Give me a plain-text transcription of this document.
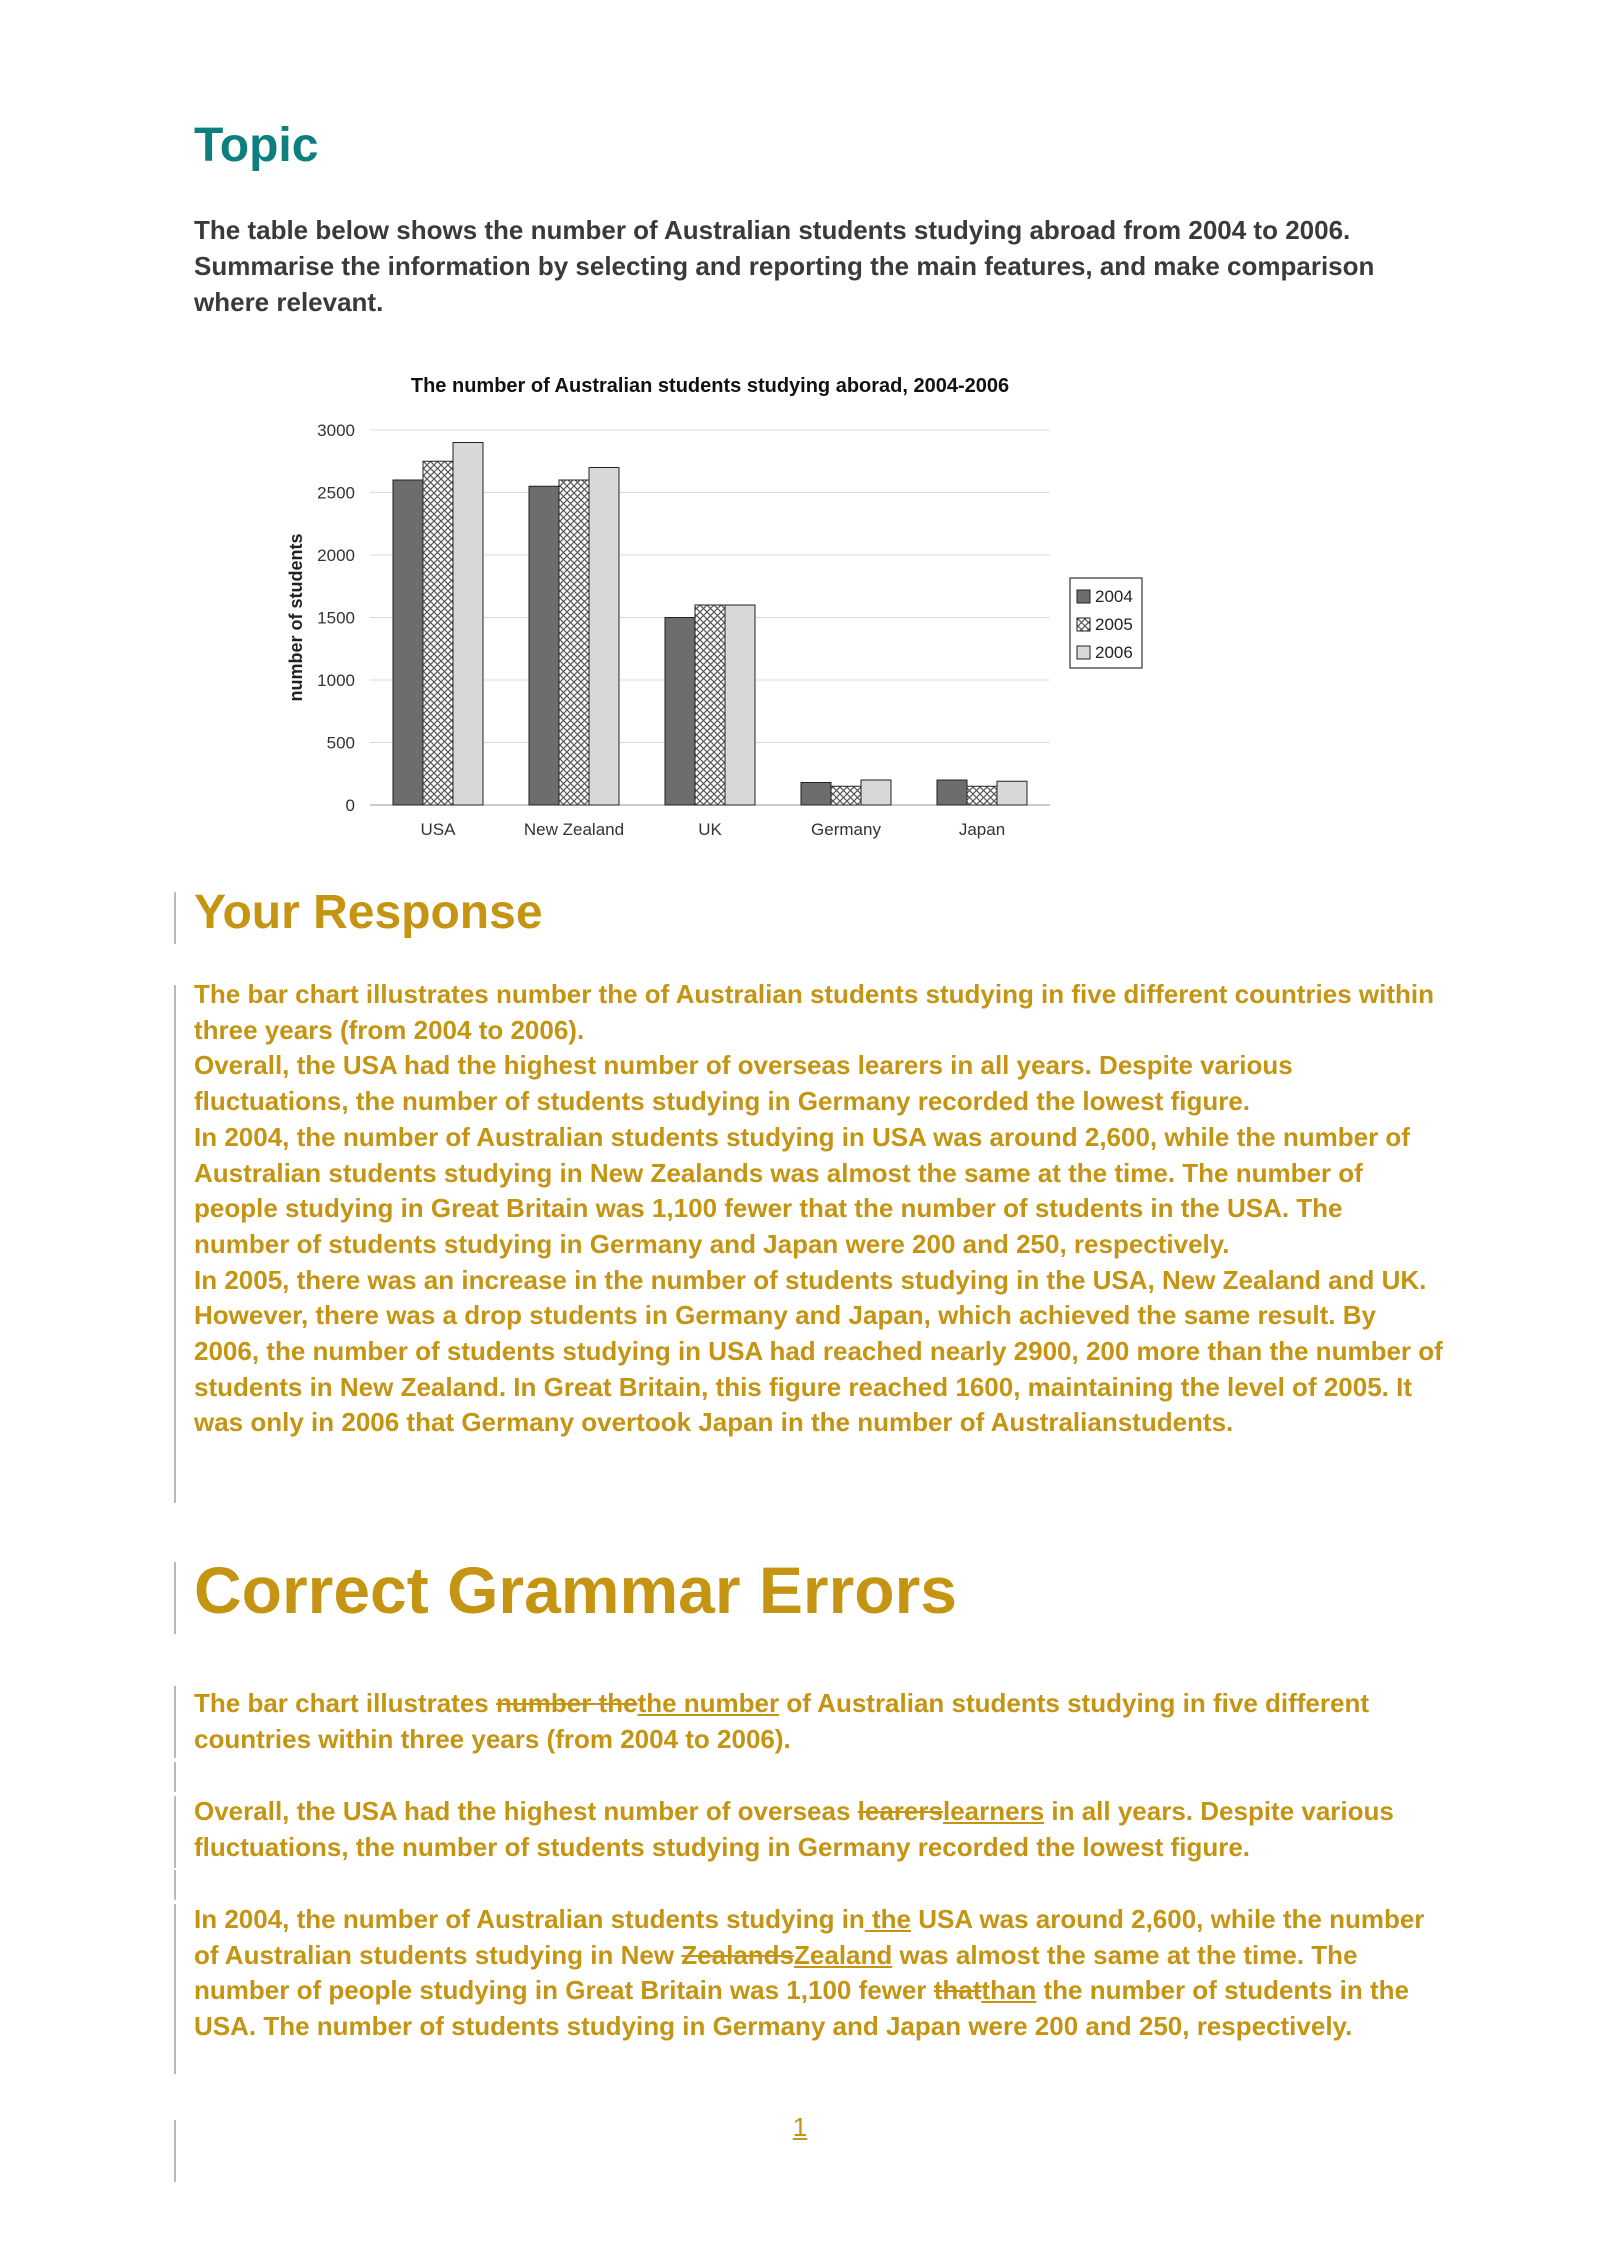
Topic

The table below shows the number of Australian students studying abroad from 2004 to 2006. Summarise the information by selecting and reporting the main features, and make comparison where relevant.

The number of Australian students studying aborad, 2004-2006
0
500
1000
1500
2000
2500
3000
number of students
USA	New Zealand	UK	Germany	Japan
2004
2005
2006
Your Response

The bar chart illustrates number the of Australian students studying in five different countries within three years (from 2004 to 2006).

Overall, the USA had the highest number of overseas learers in all years. Despite various fluctuations, the number of students studying in Germany recorded the lowest figure.

In 2004, the number of Australian students studying in USA was around 2,600, while the number of Australian students studying in New Zealands was almost the same at the time. The number of people studying in Great Britain was 1,100 fewer that the number of students in the USA. The number of students studying in Germany and Japan were 200 and 250, respectively.

In 2005, there was an increase in the number of students studying in the USA, New Zealand and UK. However, there was a drop students in Germany and Japan, which achieved the same result. By 2006, the number of students studying in USA had reached nearly 2900, 200 more than the number of students in New Zealand. In Great Britain, this figure reached 1600, maintaining the level of 2005. It was only in 2006 that Germany overtook Japan in the number of Australianstudents.

Correct Grammar Errors

The bar chart illustrates number thethe number of Australian students studying in five different countries within three years (from 2004 to 2006).

Overall, the USA had the highest number of overseas learerslearners in all years. Despite various fluctuations, the number of students studying in Germany recorded the lowest figure.

In 2004, the number of Australian students studying in the USA was around 2,600, while the number of Australian students studying in New ZealandsZealand was almost the same at the time. The number of people studying in Great Britain was 1,100 fewer thatthan the number of students in the USA. The number of students studying in Germany and Japan were 200 and 250, respectively.

1
